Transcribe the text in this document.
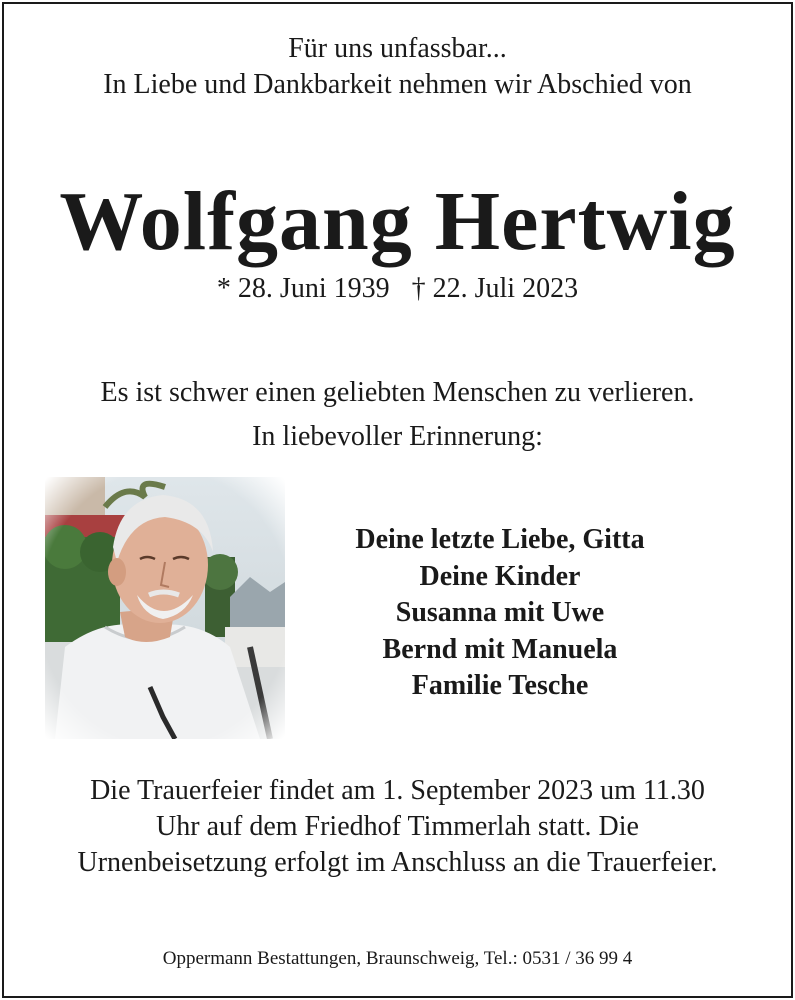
Für uns unfassbar...
In Liebe und Dankbarkeit nehmen wir Abschied von
Wolfgang Hertwig
* 28. Juni 1939 † 22. Juli 2023
Es ist schwer einen geliebten Menschen zu verlieren.
In liebevoller Erinnerung:
Deine letzte Liebe, Gitta
Deine Kinder
Susanna mit Uwe
Bernd mit Manuela
Familie Tesche
Die Trauerfeier findet am 1. September 2023 um 11.30
Uhr auf dem Friedhof Timmerlah statt. Die
Urnenbeisetzung erfolgt im Anschluss an die Trauerfeier.
Oppermann Bestattungen, Braunschweig, Tel.: 0531 / 36 99 4
